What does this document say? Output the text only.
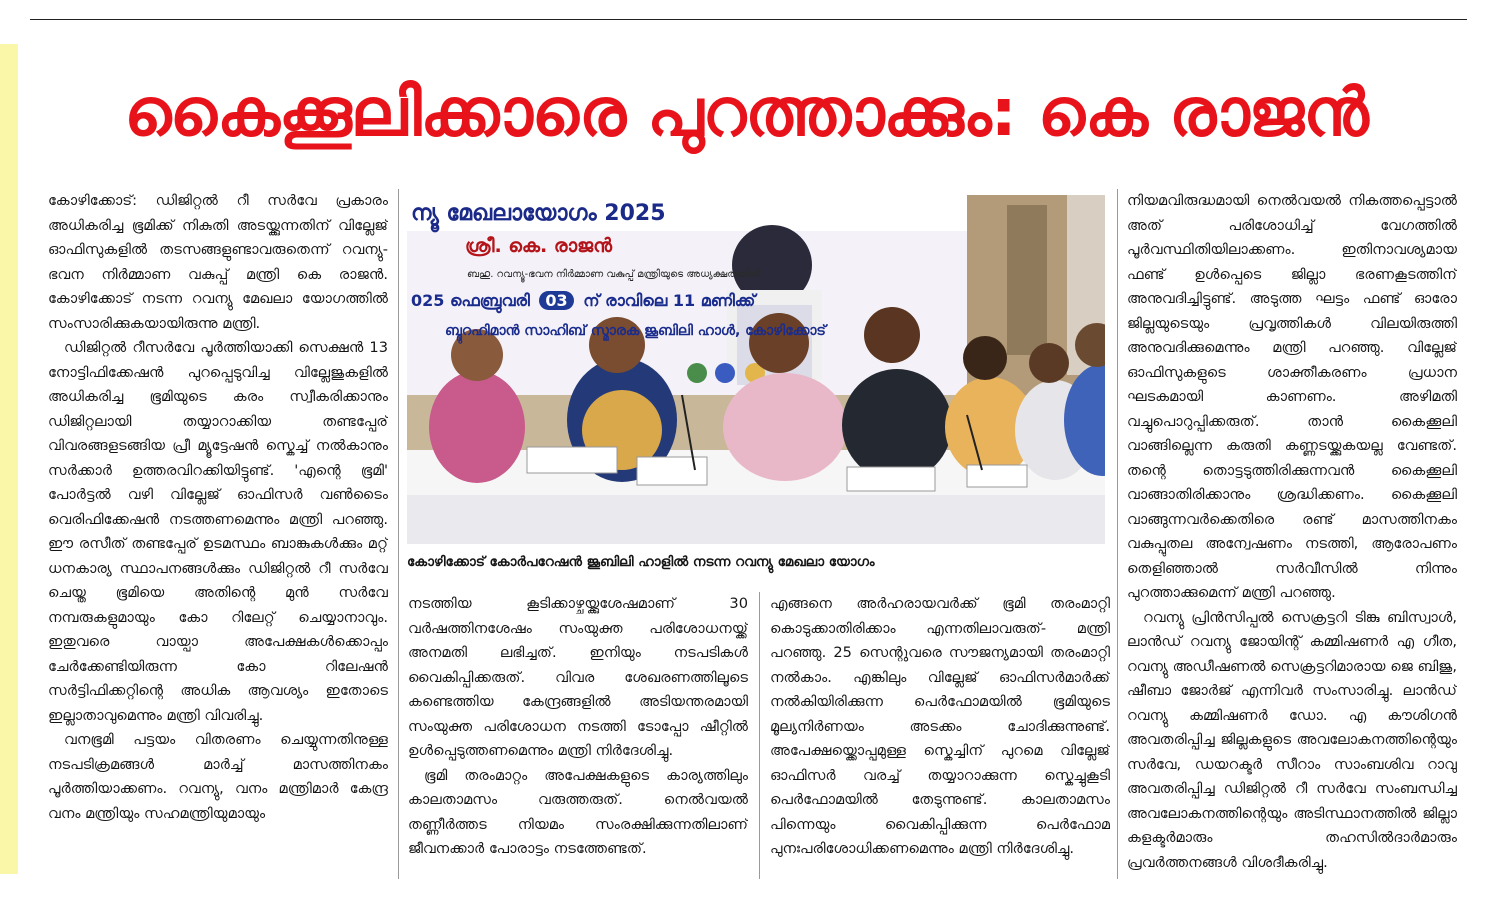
കൈക്കൂലിക്കാരെ പുറത്താക്കും: കെ രാജൻ

കോഴിക്കോട്: ഡിജിറ്റൽ റീ സർവേ പ്രകാരം അധികരിച്ച ഭൂമിക്ക് നികുതി അടയ്ക്കുന്നതിന് വില്ലേജ് ഓഫിസുകളിൽ തടസങ്ങളുണ്ടാവരുതെന്ന് റവന്യു-ഭവന നിർമ്മാണ വകുപ്പ് മന്ത്രി കെ രാജൻ. കോഴിക്കോട് നടന്ന റവന്യു മേഖലാ യോഗത്തിൽ സംസാരിക്കുകയായിരുന്നു മന്ത്രി.

ഡിജിറ്റൽ റീസർവേ പൂർത്തിയാക്കി സെക്ഷൻ 13 നോട്ടിഫിക്കേഷൻ പുറപ്പെടുവിച്ച വില്ലേജുകളിൽ അധികരിച്ച ഭൂമിയുടെ കരം സ്വീകരിക്കാനും ഡിജിറ്റലായി തയ്യാറാക്കിയ തണ്ടപ്പേര് വിവരങ്ങളടങ്ങിയ പ്രീ മ്യൂട്ടേഷൻ സ്കെച്ച് നൽകാനും സർക്കാർ ഉത്തരവിറക്കിയിട്ടുണ്ട്. 'എന്റെ ഭൂമി' പോർട്ടൽ വഴി വില്ലേജ് ഓഫിസർ വൺടൈം വെരിഫിക്കേഷൻ നടത്തണമെന്നും മന്ത്രി പറഞ്ഞു. ഈ രസീത് തണ്ടപ്പേര് ഉടമസ്ഥം ബാങ്കുകൾക്കും മറ്റ് ധനകാര്യ സ്ഥാപനങ്ങൾക്കും ഡിജിറ്റൽ റീ സർവേ ചെയ്ത ഭൂമിയെ അതിന്റെ മുൻ സർവേ നമ്പരുകളുമായും കോ റിലേറ്റ് ചെയ്യാനാവും. ഇതുവരെ വായ്പാ അപേക്ഷകൾക്കൊപ്പം ചേർക്കേണ്ടിയിരുന്ന കോ റിലേഷൻ സർട്ടിഫിക്കറ്റിന്റെ അധിക ആവശ്യം ഇതോടെ ഇല്ലാതാവുമെന്നും മന്ത്രി വിവരിച്ചു.

വനഭൂമി പട്ടയം വിതരണം ചെയ്യുന്നതിനുള്ള നടപടിക്രമങ്ങൾ മാർച്ച് മാസത്തിനകം പൂർത്തിയാക്കണം. റവന്യു, വനം മന്ത്രിമാർ കേന്ദ്ര വനം മന്ത്രിയും സഹമന്ത്രിയുമായും

ന്യൂ മേഖലായോഗം 2025
ശ്രീ. കെ. രാജൻ
ബഹു. റവന്യൂ-ഭവന നിർമ്മാണ വകുപ്പ് മന്ത്രിയുടെ അധ്യക്ഷതയിൽ
025 ഫെബ്രുവരി 03 ന് രാവിലെ 11 മണിക്ക്
ബ്ദുറഹിമാൻ സാഹിബ് സ്മാരക ജൂബിലി ഹാൾ, കോഴിക്കോട്
കോഴിക്കോട് കോർപറേഷൻ ജൂബിലി ഹാളിൽ നടന്ന റവന്യു മേഖലാ യോഗം

നടത്തിയ കൂടിക്കാഴ്ചയ്ക്കുശേഷമാണ് 30 വർഷത്തിനശേഷം സംയുക്ത പരിശോധനയ്ക്ക് അനമതി ലഭിച്ചത്. ഇനിയും നടപടികൾ വൈകിപ്പിക്കരുത്. വിവര ശേഖരണത്തിലൂടെ കണ്ടെത്തിയ കേന്ദ്രങ്ങളിൽ അടിയന്തരമായി സംയുക്ത പരിശോധന നടത്തി ടോപ്പോ ഷീറ്റിൽ ഉൾപ്പെടുത്തണമെന്നും മന്ത്രി നിർദേശിച്ചു.

ഭൂമി തരംമാറ്റം അപേക്ഷകളുടെ കാര്യത്തിലും കാലതാമസം വരുത്തരുത്. നെൽവയൽ തണ്ണീർത്തട നിയമം സംരക്ഷിക്കുന്നതിലാണ് ജീവനക്കാർ പോരാട്ടം നടത്തേണ്ടത്.

എങ്ങനെ അർഹരായവർക്ക് ഭൂമി തരംമാറ്റി കൊടുക്കാതിരിക്കാം എന്നതിലാവരുത്- മന്ത്രി പറഞ്ഞു. 25 സെന്റുവരെ സൗജന്യമായി തരംമാറ്റി നൽകാം. എങ്കിലും വില്ലേജ് ഓഫിസർമാർക്ക് നൽകിയിരിക്കുന്ന പെർഫോമയിൽ ഭൂമിയുടെ മൂല്യനിർണയം അടക്കം ചോദിക്കുന്നുണ്ട്. അപേക്ഷയ്ക്കൊപ്പമുള്ള സ്കെച്ചിന് പുറമെ വില്ലേജ് ഓഫിസർ വരച്ച് തയ്യാറാക്കുന്ന സ്കെച്ചുകൂടി പെർഫോമയിൽ തേടുന്നുണ്ട്. കാലതാമസം പിന്നെയും വൈകിപ്പിക്കുന്ന പെർഫോമ പുനഃപരിശോധിക്കണമെന്നും മന്ത്രി നിർദേശിച്ചു.

നിയമവിരുദ്ധമായി നെൽവയൽ നികത്തപ്പെട്ടാൽ അത് പരിശോധിച്ച് വേഗത്തിൽ പൂർവസ്ഥിതിയിലാക്കണം. ഇതിനാവശ്യമായ ഫണ്ട് ഉൾപ്പെടെ ജില്ലാ ഭരണകൂടത്തിന് അനുവദിച്ചിട്ടുണ്ട്. അടുത്ത ഘട്ടം ഫണ്ട് ഓരോ ജില്ലയുടെയും പ്രവൃത്തികൾ വിലയിരുത്തി അനുവദിക്കുമെന്നും മന്ത്രി പറഞ്ഞു. വില്ലേജ് ഓഫിസുകളുടെ ശാക്തീകരണം പ്രധാന ഘടകമായി കാണണം. അഴിമതി വച്ചുപൊറുപ്പിക്കരുത്. താൻ കൈക്കൂലി വാങ്ങില്ലെന്ന കരുതി കണ്ണടയ്ക്കുകയല്ല വേണ്ടത്. തന്റെ തൊട്ടടുത്തിരിക്കുന്നവൻ കൈക്കൂലി വാങ്ങാതിരിക്കാനും ശ്രദ്ധിക്കണം. കൈക്കൂലി വാങ്ങുന്നവർക്കെതിരെ രണ്ട് മാസത്തിനകം വകുപ്പുതല അന്വേഷണം നടത്തി, ആരോപണം തെളിഞ്ഞാൽ സർവീസിൽ നിന്നും പുറത്താക്കുമെന്ന് മന്ത്രി പറഞ്ഞു.

റവന്യു പ്രിൻസിപ്പൽ സെക്രട്ടറി ടിങ്കു ബിസ്വാൾ, ലാൻഡ് റവന്യു ജോയിന്റ് കമ്മിഷണർ എ ഗീത, റവന്യു അഡീഷണൽ സെക്രട്ടറിമാരായ ജെ ബിജു, ഷീബാ ജോർജ് എന്നിവർ സംസാരിച്ചു. ലാൻഡ് റവന്യു കമ്മിഷണർ ഡോ. എ കൗശിഗൻ അവതരിപ്പിച്ച ജില്ലകളുടെ അവലോകനത്തിന്റെയും സർവേ, ഡയറക്ടർ സീറാം സാംബശിവ റാവു അവതരിപ്പിച്ച ഡിജിറ്റൽ റീ സർവേ സംബന്ധിച്ച അവലോകനത്തിന്റെയും അടിസ്ഥാനത്തിൽ ജില്ലാ കളക്ടർമാരും തഹസിൽദാർമാരും പ്രവർത്തനങ്ങൾ വിശദീകരിച്ചു.
